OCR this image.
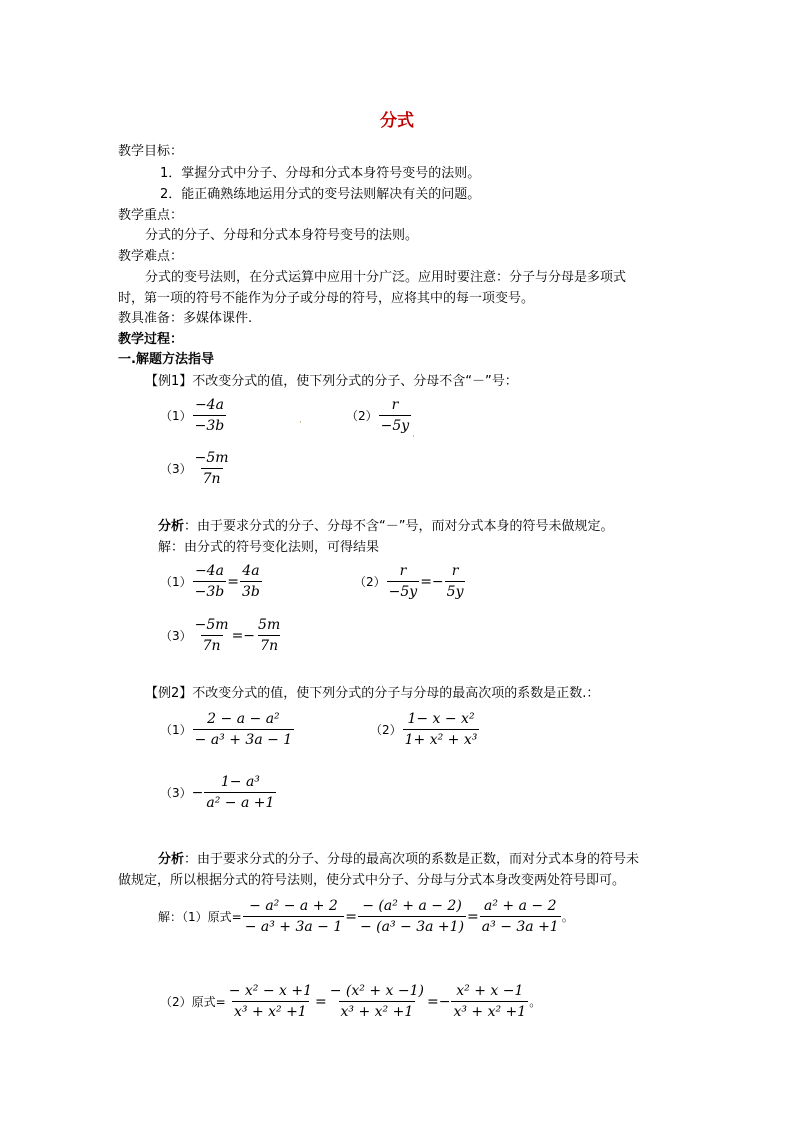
分式
教学目标：
1．掌握分式中分子、分母和分式本身符号变号的法则。
2．能正确熟练地运用分式的变号法则解决有关的问题。
教学重点：
分式的分子、分母和分式本身符号变号的法则。
教学难点：
分式的变号法则，在分式运算中应用十分广泛。应用时要注意：分子与分母是多项式
时，第一项的符号不能作为分子或分母的符号，应将其中的每一项变号。
教具准备：多媒体课件.
教学过程：
一.解题方法指导
【例1】不改变分式的值，使下列分式的分子、分母不含“－”号：
$(1) \frac{-4a}{-3b}$	·	$(2) \frac{r}{-5y}$
·
$(3) \frac{-5m}{7n}$
分析：由于要求分式的分子、分母不含“－”号，而对分式本身的符号未做规定。
解：由分式的符号变化法则，可得结果
$(1) \frac{-4a}{-3b} = \frac{4a}{3b}$	$(2) \frac{r}{-5y} =- \frac{r}{5y}$
$(3) \frac{-5m}{7n} =- \frac{5m}{7n}$
【例2】不改变分式的值，使下列分式的分子与分母的最高次项的系数是正数.：
$(1) \frac{\text{2 − a − a²}}{\text{− a³ + 3a − 1}}$	$(2) \frac{\text{1− x − x²}}{\text{1+ x² + x³}}$
$(3) - \frac{\text{1− a³}}{\text{a² − a +1}}$
分析：由于要求分式的分子、分母的最高次项的系数是正数，而对分式本身的符号未
做规定，所以根据分式的符号法则，使分式中分子、分母与分式本身改变两处符号即可。
解：（1）原式= $\frac{\text{− a² − a + 2}}{\text{− a³ + 3a − 1}} = \frac{\text{− (a² + a − 2)}}{\text{− (a³ − 3a +1)}} = \frac{\text{a² + a − 2}}{\text{a³ − 3a +1}}$ 。
（2）原式= $\frac{\text{− x² − x +1}}{\text{x³ + x² +1}} = \frac{\text{− (x² + x −1)}}{\text{x³ + x² +1}} =- \frac{\text{x² + x −1}}{\text{x³ + x² +1}}$ 。
